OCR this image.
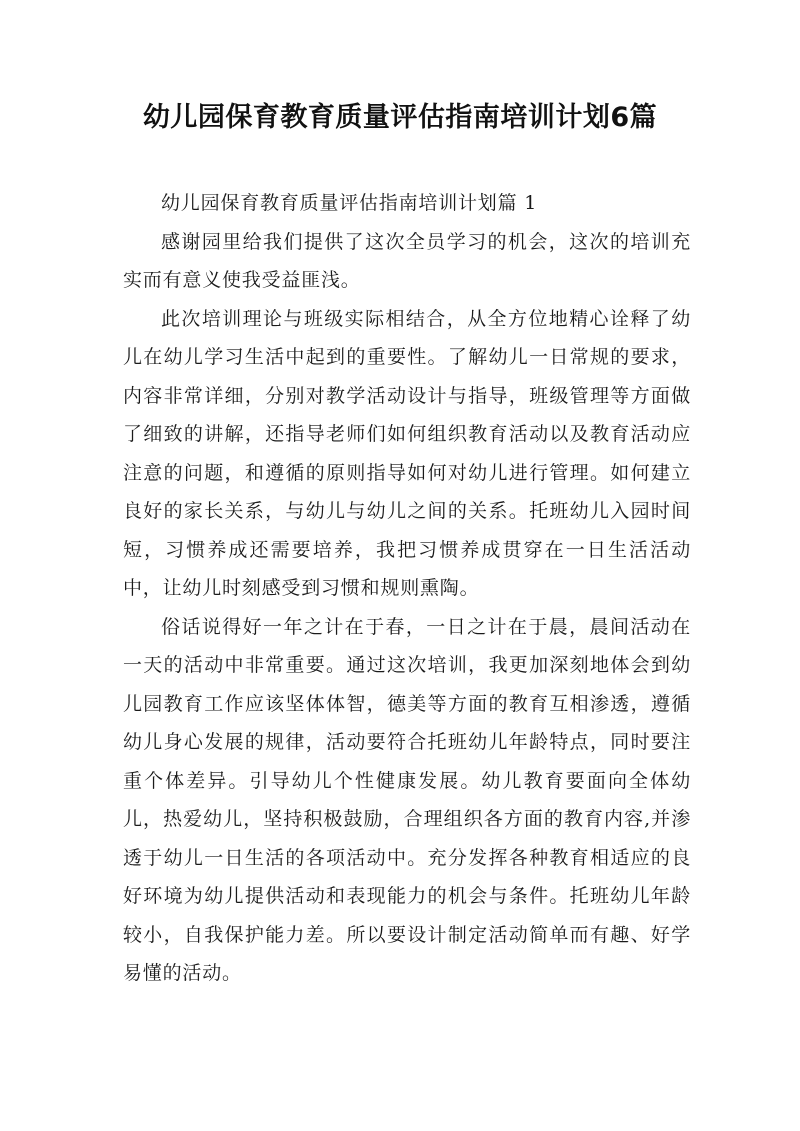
幼儿园保育教育质量评估指南培训计划6篇

幼儿园保育教育质量评估指南培训计划篇 1

感谢园里给我们提供了这次全员学习的机会，这次的培训充实而有意义使我受益匪浅。

此次培训理论与班级实际相结合，从全方位地精心诠释了幼儿在幼儿学习生活中起到的重要性。了解幼儿一日常规的要求，内容非常详细，分别对教学活动设计与指导，班级管理等方面做了细致的讲解，还指导老师们如何组织教育活动以及教育活动应注意的问题，和遵循的原则指导如何对幼儿进行管理。如何建立良好的家长关系，与幼儿与幼儿之间的关系。托班幼儿入园时间短，习惯养成还需要培养，我把习惯养成贯穿在一日生活活动中，让幼儿时刻感受到习惯和规则熏陶。

俗话说得好一年之计在于春，一日之计在于晨，晨间活动在一天的活动中非常重要。通过这次培训，我更加深刻地体会到幼儿园教育工作应该坚体体智，德美等方面的教育互相渗透，遵循幼儿身心发展的规律，活动要符合托班幼儿年龄特点，同时要注重个体差异。引导幼儿个性健康发展。幼儿教育要面向全体幼儿，热爱幼儿，坚持积极鼓励，合理组织各方面的教育内容,并渗透于幼儿一日生活的各项活动中。充分发挥各种教育相适应的良好环境为幼儿提供活动和表现能力的机会与条件。托班幼儿年龄较小，自我保护能力差。所以要设计制定活动简单而有趣、好学易懂的活动。
